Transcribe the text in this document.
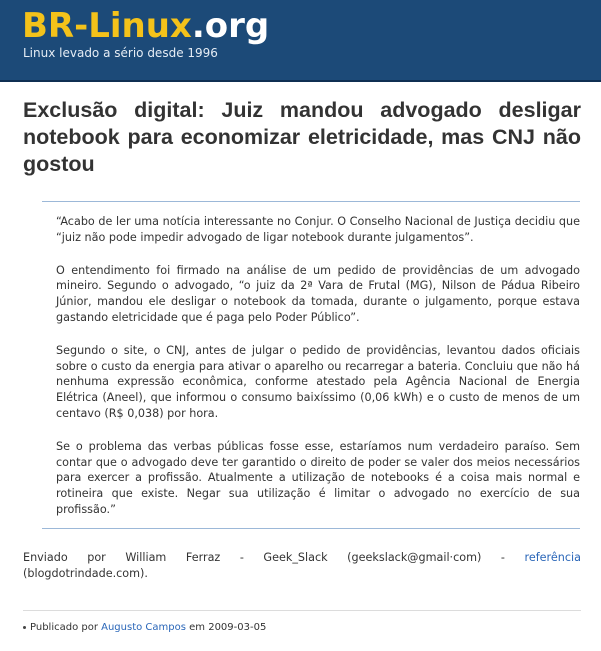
BR-Linux.org

Linux levado a sério desde 1996

Exclusão digital: Juiz mandou advogado desligar notebook para economizar eletricidade, mas CNJ não gostou

“Acabo de ler uma notícia interessante no Conjur. O Conselho Nacional de Justiça decidiu que “juiz não pode impedir advogado de ligar notebook durante julgamentos”.

O entendimento foi firmado na análise de um pedido de providências de um advogado mineiro. Segundo o advogado, “o juiz da 2ª Vara de Frutal (MG), Nilson de Pádua Ribeiro Júnior, mandou ele desligar o notebook da tomada, durante o julgamento, porque estava gastando eletricidade que é paga pelo Poder Público”.

Segundo o site, o CNJ, antes de julgar o pedido de providências, levantou dados oficiais sobre o custo da energia para ativar o aparelho ou recarregar a bateria. Concluiu que não há nenhuma expressão econômica, conforme atestado pela Agência Nacional de Energia Elétrica (Aneel), que informou o consumo baixíssimo (0,06 kWh) e o custo de menos de um centavo (R$ 0,038) por hora.

Se o problema das verbas públicas fosse esse, estaríamos num verdadeiro paraíso. Sem contar que o advogado deve ter garantido o direito de poder se valer dos meios necessários para exercer a profissão. Atualmente a utilização de notebooks é a coisa mais normal e rotineira que existe. Negar sua utilização é limitar o advogado no exercício de sua profissão.”

Enviado por William Ferraz - Geek_Slack (geekslack@gmail·com) - referência (blogdotrindade.com).

Publicado por Augusto Campos em 2009-03-05
